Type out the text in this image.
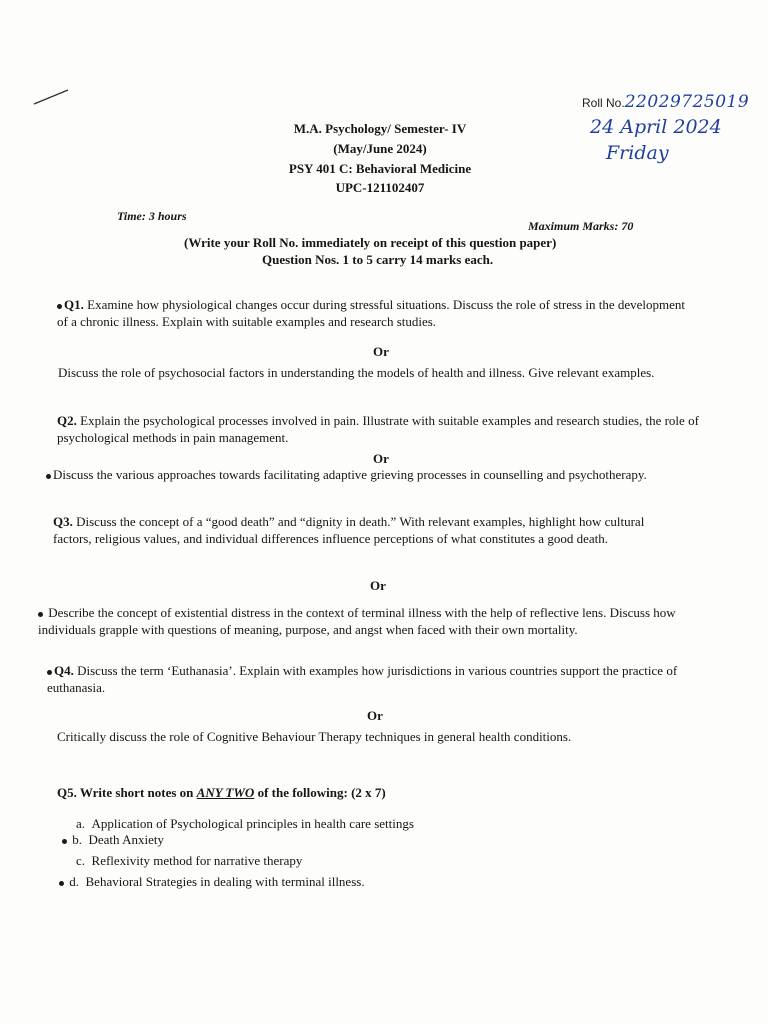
Roll No.22029725019
24 April 2024
Friday
M.A. Psychology/ Semester- IV
(May/June 2024)
PSY 401 C: Behavioral Medicine
UPC-121102407
Time: 3 hours
Maximum Marks: 70
(Write your Roll No. immediately on receipt of this question paper)
Question Nos. 1 to 5 carry 14 marks each.
Q1. Examine how physiological changes occur during stressful situations. Discuss the role of stress in the development of a chronic illness. Explain with suitable examples and research studies.
Or
Discuss the role of psychosocial factors in understanding the models of health and illness. Give relevant examples.
Q2. Explain the psychological processes involved in pain. Illustrate with suitable examples and research studies, the role of psychological methods in pain management.
Or
Discuss the various approaches towards facilitating adaptive grieving processes in counselling and psychotherapy.
Q3. Discuss the concept of a “good death” and “dignity in death.” With relevant examples, highlight how cultural factors, religious values, and individual differences influence perceptions of what constitutes a good death.
Or
Describe the concept of existential distress in the context of terminal illness with the help of reflective lens. Discuss how individuals grapple with questions of meaning, purpose, and angst when faced with their own mortality.
Q4. Discuss the term ‘Euthanasia’. Explain with examples how jurisdictions in various countries support the practice of euthanasia.
Or
Critically discuss the role of Cognitive Behaviour Therapy techniques in general health conditions.
Q5. Write short notes on ANY TWO of the following: (2 x 7)
a. Application of Psychological principles in health care settings
b. Death Anxiety
c. Reflexivity method for narrative therapy
d. Behavioral Strategies in dealing with terminal illness.
